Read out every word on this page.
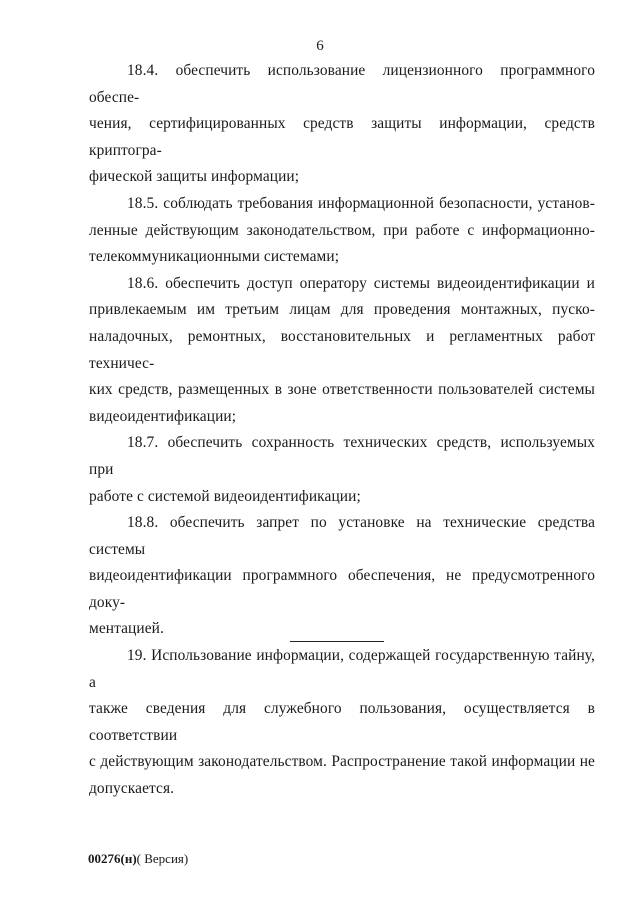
6

18.4. обеспечить использование лицензионного программного обеспе-
чения, сертифицированных средств защиты информации, средств криптогра-
фической защиты информации;

18.5. соблюдать требования информационной безопасности, установ-
ленные действующим законодательством, при работе с информационно-
телекоммуникационными системами;

18.6. обеспечить доступ оператору системы видеоидентификации и
привлекаемым им третьим лицам для проведения монтажных, пуско-
наладочных, ремонтных, восстановительных и регламентных работ техничес-
ких средств, размещенных в зоне ответственности пользователей системы
видеоидентификации;

18.7. обеспечить сохранность технических средств, используемых при
работе с системой видеоидентификации;

18.8. обеспечить запрет по установке на технические средства системы
видеоидентификации программного обеспечения, не предусмотренного доку-
ментацией.

19. Использование информации, содержащей государственную тайну, а
также сведения для служебного пользования, осуществляется в соответствии
с действующим законодательством. Распространение такой информации не
допускается.

00276(н)( Версия)
